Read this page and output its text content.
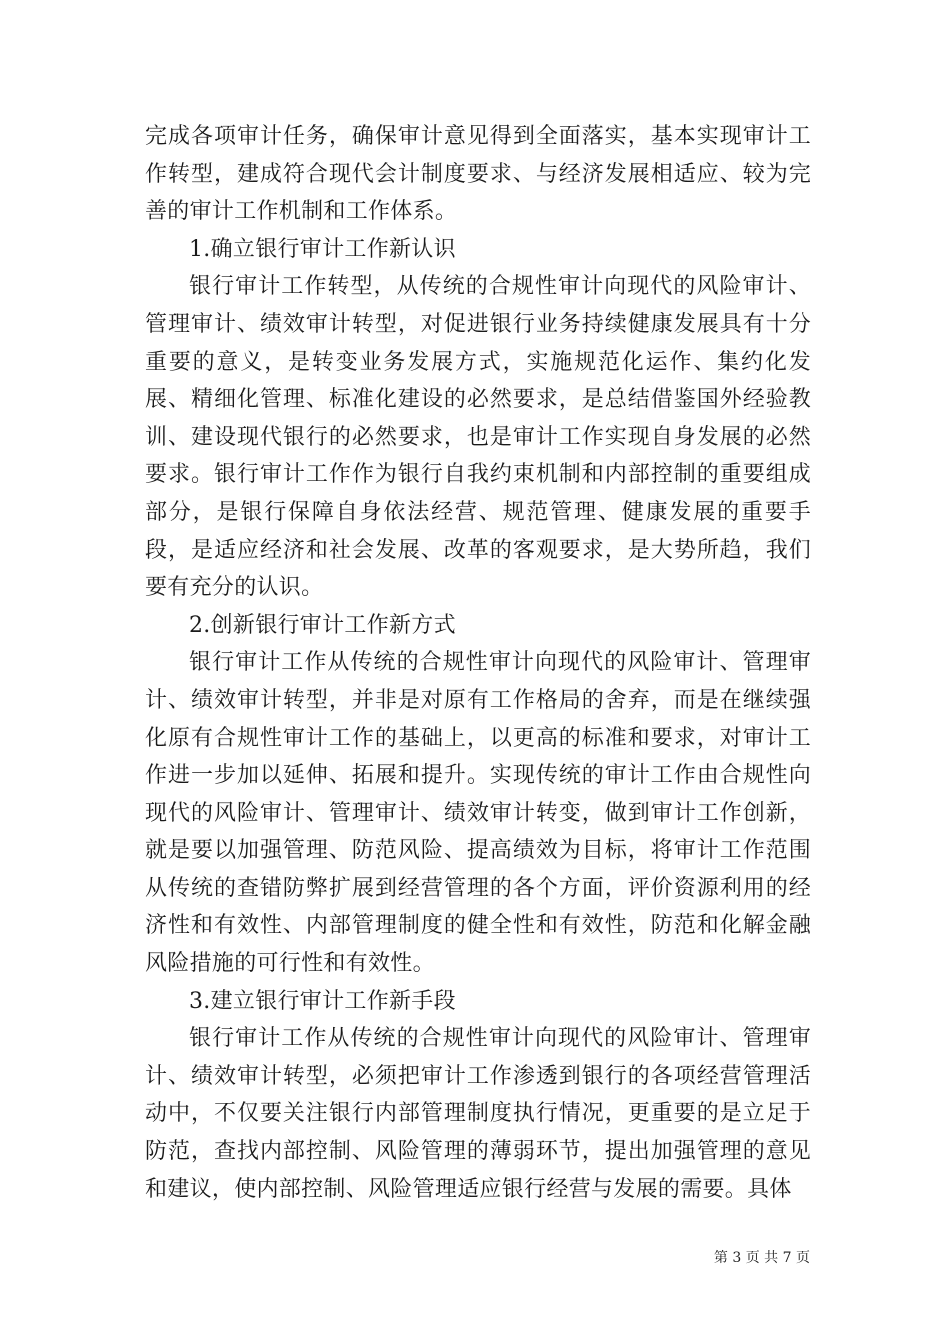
完成各项审计任务，确保审计意见得到全面落实，基本实现审计工作转型，建成符合现代会计制度要求、与经济发展相适应、较为完善的审计工作机制和工作体系。

1.确立银行审计工作新认识

银行审计工作转型，从传统的合规性审计向现代的风险审计、管理审计、绩效审计转型，对促进银行业务持续健康发展具有十分重要的意义，是转变业务发展方式，实施规范化运作、集约化发展、精细化管理、标准化建设的必然要求，是总结借鉴国外经验教训、建设现代银行的必然要求，也是审计工作实现自身发展的必然要求。银行审计工作作为银行自我约束机制和内部控制的重要组成部分，是银行保障自身依法经营、规范管理、健康发展的重要手段，是适应经济和社会发展、改革的客观要求，是大势所趋，我们要有充分的认识。

2.创新银行审计工作新方式

银行审计工作从传统的合规性审计向现代的风险审计、管理审计、绩效审计转型，并非是对原有工作格局的舍弃，而是在继续强化原有合规性审计工作的基础上，以更高的标准和要求，对审计工作进一步加以延伸、拓展和提升。实现传统的审计工作由合规性向现代的风险审计、管理审计、绩效审计转变，做到审计工作创新，就是要以加强管理、防范风险、提高绩效为目标，将审计工作范围从传统的查错防弊扩展到经营管理的各个方面，评价资源利用的经济性和有效性、内部管理制度的健全性和有效性，防范和化解金融风险措施的可行性和有效性。

3.建立银行审计工作新手段

银行审计工作从传统的合规性审计向现代的风险审计、管理审计、绩效审计转型，必须把审计工作渗透到银行的各项经营管理活动中，不仅要关注银行内部管理制度执行情况，更重要的是立足于防范，查找内部控制、风险管理的薄弱环节，提出加强管理的意见和建议，使内部控制、风险管理适应银行经营与发展的需要。具体

第 3 页 共 7 页
